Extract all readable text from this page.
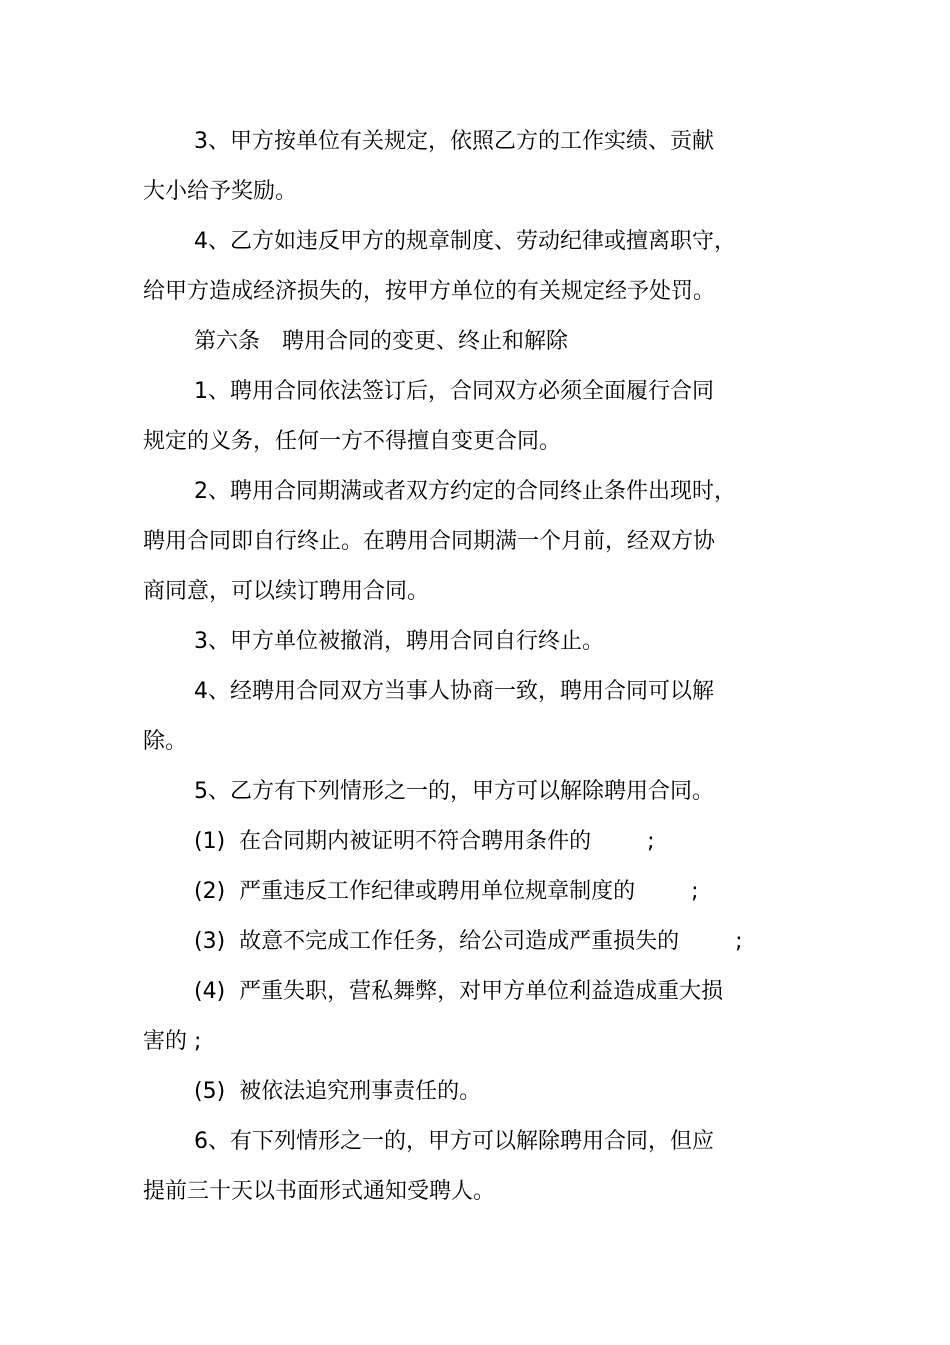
3、甲方按单位有关规定，依照乙方的工作实绩、贡献
大小给予奖励。
4、乙方如违反甲方的规章制度、劳动纪律或擅离职守，
给甲方造成经济损失的，按甲方单位的有关规定经予处罚。
第六条　聘用合同的变更、终止和解除
1、聘用合同依法签订后，合同双方必须全面履行合同
规定的义务，任何一方不得擅自变更合同。
2、聘用合同期满或者双方约定的合同终止条件出现时，
聘用合同即自行终止。在聘用合同期满一个月前，经双方协
商同意，可以续订聘用合同。
3、甲方单位被撤消，聘用合同自行终止。
4、经聘用合同双方当事人协商一致，聘用合同可以解
除。
5、乙方有下列情形之一的，甲方可以解除聘用合同。
(1)  在合同期内被证明不符合聘用条件的        ;
(2)  严重违反工作纪律或聘用单位规章制度的        ;
(3)  故意不完成工作任务，给公司造成严重损失的        ;
(4)  严重失职，营私舞弊，对甲方单位利益造成重大损
害的 ;
(5)  被依法追究刑事责任的。
6、有下列情形之一的，甲方可以解除聘用合同，但应
提前三十天以书面形式通知受聘人。
